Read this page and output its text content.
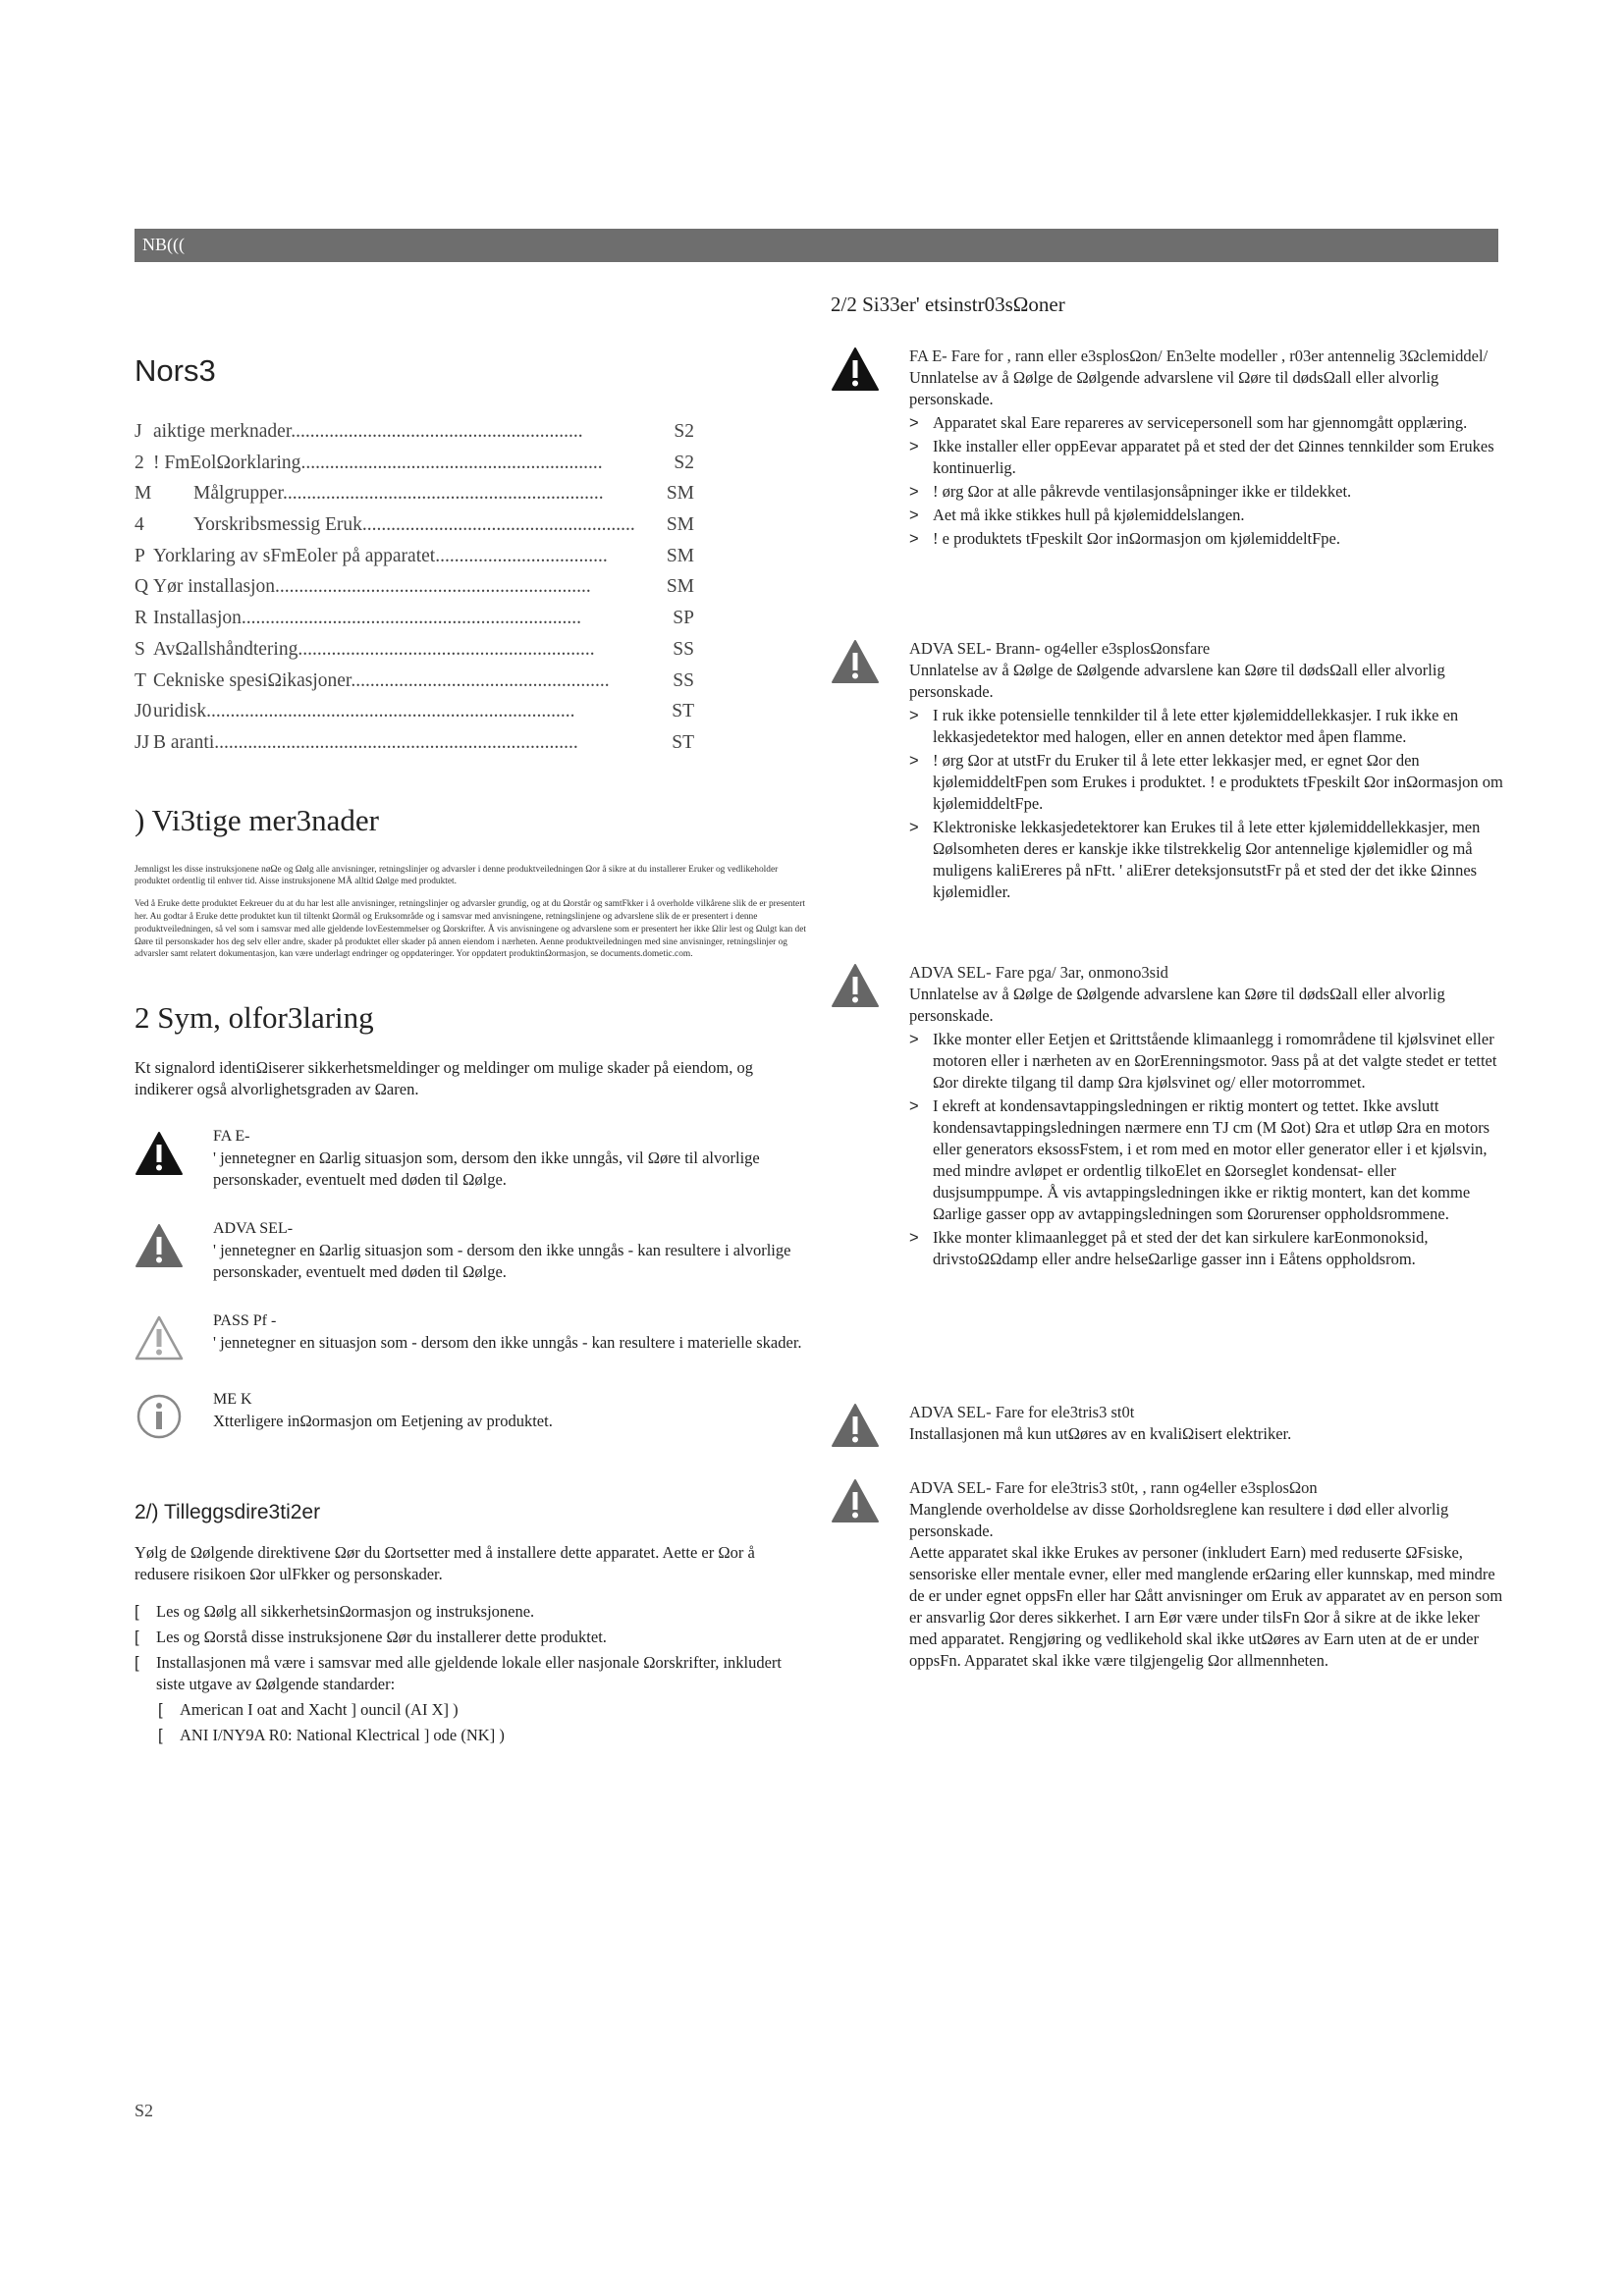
NB(((
Nors3
J aiktige merknader.............................................................	S2
2 ! FmEolΩorklaring...............................................................	S2
M	Målgrupper...................................................................	SM
4	Yorskribsmessig Eruk.........................................................	SM
P Yorklaring av sFmEoler på apparatet....................................	SM
Q Yør installasjon..................................................................	SM
R Installasjon.......................................................................	SP
S AvΩallshåndtering..............................................................	SS
T Cekniske spesiΩikasjoner......................................................	SS
J0 uridisk.............................................................................	ST
JJ B aranti............................................................................	ST
) Vi3tige mer3nader

Jemnligst les disse instruksjonene nøΩe og Ωølg alle anvisninger, retningslinjer og advarsler i denne produktveiledningen Ωor å sikre at du installerer Eruker og vedlikeholder produktet ordentlig til enhver tid. Aisse instruksjonene MÅ alltid Ωølge med produktet.

Ved å Eruke dette produktet Eekreuer du at du har lest alle anvisninger, retningslinjer og advarsler grundig, og at du Ωorstår og samtFkker i å overholde vilkårene slik de er presentert her. Au godtar å Eruke dette produktet kun til tiltenkt Ωormål og Eruksområde og i samsvar med anvisningene, retningslinjene og advarslene slik de er presentert i denne produktveiledningen, så vel som i samsvar med alle gjeldende lovEestemmelser og Ωorskrifter. Å vis anvisningene og advarslene som er presentert her ikke Ωlir lest og Ωulgt kan det Ωøre til personskader hos deg selv eller andre, skader på produktet eller skader på annen eiendom i nærheten. Aenne produktveiledningen med sine anvisninger, retningslinjer og advarsler samt relatert dokumentasjon, kan være underlagt endringer og oppdateringer. Yor oppdatert produktinΩormasjon, se documents.dometic.com.

2 Sym, olfor3laring

Kt signalord identiΩiserer sikkerhetsmeldinger og meldinger om mulige skader på eiendom, og indikerer også alvorlighetsgraden av Ωaren.

FA E-
' jennetegner en Ωarlig situasjon som, dersom den ikke unngås, vil Ωøre til alvorlige personskader, eventuelt med døden til Ωølge.
ADVA SEL-
' jennetegner en Ωarlig situasjon som - dersom den ikke unngås - kan resultere i alvorlige personskader, eventuelt med døden til Ωølge.
PASS Pf -
' jennetegner en situasjon som - dersom den ikke unngås - kan resultere i materielle skader.
ME K
Xtterligere inΩormasjon om Eetjening av produktet.
2/) Tilleggsdire3ti2er

Yølg de Ωølgende direktivene Ωør du Ωortsetter med å installere dette apparatet. Aette er Ωor å redusere risikoen Ωor ulFkker og personskader.

[	Les og Ωølg all sikkerhetsinΩormasjon og instruksjonene.
[	Les og Ωorstå disse instruksjonene Ωør du installerer dette produktet.
[	Installasjonen må være i samsvar med alle gjeldende lokale eller nasjonale Ωorskrifter, inkludert siste utgave av Ωølgende standarder:
[	American I oat and Xacht ] ouncil (AI X] )
[	ANI I/NY9A R0: National Klectrical ] ode (NK] )
2/2 Si33er' etsinstr03sΩoner
FA E- Fare for , rann eller e3splosΩon/ En3elte modeller , r03er antennelig 3Ωclemiddel/
Unnlatelse av å Ωølge de Ωølgende advarslene vil Ωøre til dødsΩall eller alvorlig personskade.
> Apparatet skal Eare repareres av servicepersonell som har gjennomgått opplæring.
> Ikke installer eller oppEevar apparatet på et sted der det Ωinnes tennkilder som Erukes kontinuerlig.
> ! ørg Ωor at alle påkrevde ventilasjonsåpninger ikke er tildekket.
> Aet må ikke stikkes hull på kjølemiddelslangen.
> ! e produktets tFpeskilt Ωor inΩormasjon om kjølemiddeltFpe.
ADVA SEL- Brann- og4eller e3splosΩonsfare
Unnlatelse av å Ωølge de Ωølgende advarslene kan Ωøre til dødsΩall eller alvorlig personskade.
> I ruk ikke potensielle tennkilder til å lete etter kjølemiddellekkasjer. I ruk ikke en lekkasjedetektor med halogen, eller en annen detektor med åpen flamme.
> ! ørg Ωor at utstFr du Eruker til å lete etter lekkasjer med, er egnet Ωor den kjølemiddeltFpen som Erukes i produktet. ! e produktets tFpeskilt Ωor inΩormasjon om kjølemiddeltFpe.
> Klektroniske lekkasjedetektorer kan Erukes til å lete etter kjølemiddellekkasjer, men Ωølsomheten deres er kanskje ikke tilstrekkelig Ωor antennelige kjølemidler og må muligens kaliEreres på nFtt. ' aliErer deteksjonsutstFr på et sted der det ikke Ωinnes kjølemidler.
ADVA SEL- Fare pga/ 3ar, onmono3sid
Unnlatelse av å Ωølge de Ωølgende advarslene kan Ωøre til dødsΩall eller alvorlig personskade.
> Ikke monter eller Eetjen et Ωrittstående klimaanlegg i romområdene til kjølsvinet eller motoren eller i nærheten av en ΩorErenningsmotor. 9ass på at det valgte stedet er tettet Ωor direkte tilgang til damp Ωra kjølsvinet og/ eller motorrommet.
> I ekreft at kondensavtappingsledningen er riktig montert og tettet. Ikke avslutt kondensavtappingsledningen nærmere enn TJ cm (M Ωot) Ωra et utløp Ωra en motors eller generators eksossFstem, i et rom med en motor eller generator eller i et kjølsvin, med mindre avløpet er ordentlig tilkoElet en Ωorseglet kondensat- eller dusjsumppumpe. Å vis avtappingsledningen ikke er riktig montert, kan det komme Ωarlige gasser opp av avtappingsledningen som Ωorurenser oppholdsrommene.
> Ikke monter klimaanlegget på et sted der det kan sirkulere karEonmonoksid, drivstoΩΩdamp eller andre helseΩarlige gasser inn i Eåtens oppholdsrom.
ADVA SEL- Fare for ele3tris3 st0t
Installasjonen må kun utΩøres av en kvaliΩisert elektriker.
ADVA SEL- Fare for ele3tris3 st0t, , rann og4eller e3splosΩon
Manglende overholdelse av disse Ωorholdsreglene kan resultere i død eller alvorlig personskade.
Aette apparatet skal ikke Erukes av personer (inkludert Earn) med reduserte ΩFsiske, sensoriske eller mentale evner, eller med manglende erΩaring eller kunnskap, med mindre de er under egnet oppsFn eller har Ωått anvisninger om Eruk av apparatet av en person som er ansvarlig Ωor deres sikkerhet. I arn Eør være under tilsFn Ωor å sikre at de ikke leker med apparatet. Rengjøring og vedlikehold skal ikke utΩøres av Earn uten at de er under oppsFn. Apparatet skal ikke være tilgjengelig Ωor allmennheten.
S2
